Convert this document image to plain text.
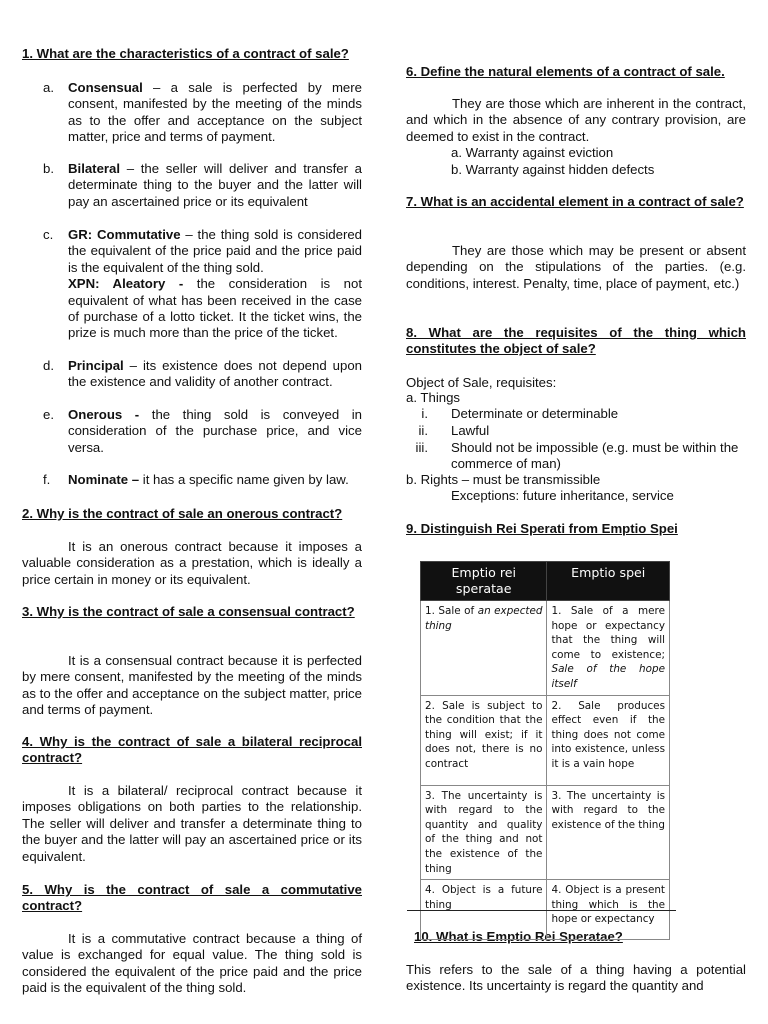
1. What are the characteristics of a contract of sale?

a. Consensual – a sale is perfected by mere consent, manifested by the meeting of the minds as to the offer and acceptance on the subject matter, price and terms of payment.
b. Bilateral – the seller will deliver and transfer a determinate thing to the buyer and the latter will pay an ascertained price or its equivalent
c. GR: Commutative – the thing sold is considered the equivalent of the price paid and the price paid is the equivalent of the thing sold.
XPN: Aleatory - the consideration is not equivalent of what has been received in the case of purchase of a lotto ticket. It the ticket wins, the prize is much more than the price of the ticket.
d. Principal – its existence does not depend upon the existence and validity of another contract.
e. Onerous - the thing sold is conveyed in consideration of the purchase price, and vice versa.
f. Nominate – it has a specific name given by law.

2. Why is the contract of sale an onerous contract?

It is an onerous contract because it imposes a valuable consideration as a prestation, which is ideally a price certain in money or its equivalent.

3. Why is the contract of sale a consensual contract?

It is a consensual contract because it is perfected by mere consent, manifested by the meeting of the minds as to the offer and acceptance on the subject matter, price and terms of payment.

4. Why is the contract of sale a bilateral reciprocal contract?

It is a bilateral/ reciprocal contract because it imposes obligations on both parties to the relationship. The seller will deliver and transfer a determinate thing to the buyer and the latter will pay an ascertained price or its equivalent.

5. Why is the contract of sale a commutative contract?

It is a commutative contract because a thing of value is exchanged for equal value. The thing sold is considered the equivalent of the price paid and the price paid is the equivalent of the thing sold.

6. Define the natural elements of a contract of sale.

They are those which are inherent in the contract, and which in the absence of any contrary provision, are deemed to exist in the contract.

a. Warranty against eviction

b. Warranty against hidden defects

7. What is an accidental element in a contract of sale?

They are those which may be present or absent depending on the stipulations of the parties. (e.g. conditions, interest. Penalty, time, place of payment, etc.)

8. What are the requisites of the thing which constitutes the object of sale?

Object of Sale, requisites:

a. Things

i. Determinate or determinable
ii. Lawful
iii. Should not be impossible (e.g. must be within the commerce of man)

b. Rights – must be transmissible

Exceptions: future inheritance, service

9. Distinguish Rei Sperati from Emptio Spei

10. What is Emptio Rei Speratae?

This refers to the sale of a thing having a potential existence. Its uncertainty is regard the quantity and

Emptio rei speratae	Emptio spei
1. Sale of an expected thing	1. Sale of a mere hope or expectancy that the thing will come to existence; Sale of the hope itself
2. Sale is subject to the condition that the thing will exist; if it does not, there is no contract	2. Sale produces effect even if the thing does not come into existence, unless it is a vain hope
3. The uncertainty is with regard to the quantity and quality of the thing and not the existence of the thing	3. The uncertainty is with regard to the existence of the thing
4. Object is a future thing	4. Object is a present thing which is the hope or expectancy
